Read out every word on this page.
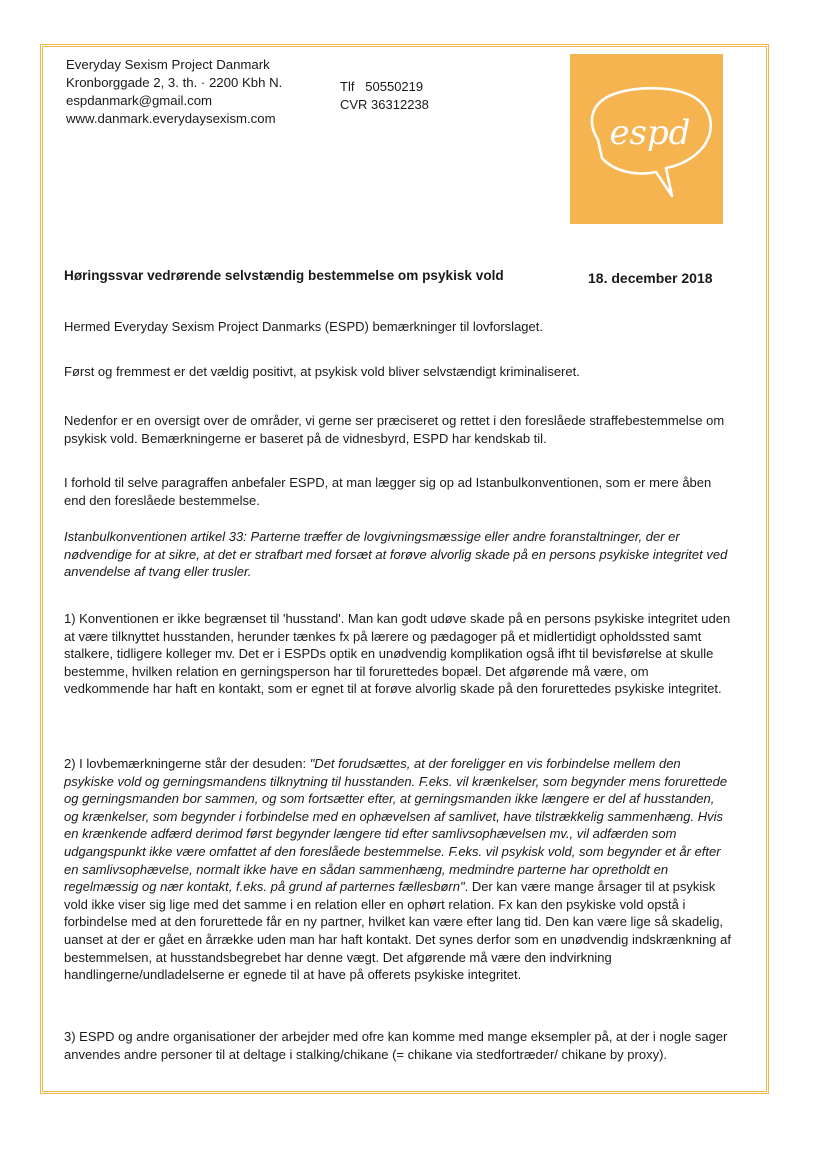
Everyday Sexism Project Danmark
Kronborggade 2, 3. th. · 2200 Kbh N.
espdanmark@gmail.com
www.danmark.everydaysexism.com
Tlf   50550219
CVR 36312238
espd
Høringssvar vedrørende selvstændig bestemmelse om psykisk vold	18. december 2018

Hermed Everyday Sexism Project Danmarks (ESPD) bemærkninger til lovforslaget.

Først og fremmest er det vældig positivt, at psykisk vold bliver selvstændigt kriminaliseret.

Nedenfor er en oversigt over de områder, vi gerne ser præciseret og rettet i den foreslåede straffebestemmelse om psykisk vold. Bemærkningerne er baseret på de vidnesbyrd, ESPD har kendskab til.

I forhold til selve paragraffen anbefaler ESPD, at man lægger sig op ad Istanbulkonventionen, som er mere åben end den foreslåede bestemmelse.

Istanbulkonventionen artikel 33: Parterne træffer de lovgivningsmæssige eller andre foranstaltninger, der er nødvendige for at sikre, at det er strafbart med forsæt at forøve alvorlig skade på en persons psykiske integritet ved anvendelse af tvang eller trusler.

1) Konventionen er ikke begrænset til 'husstand'. Man kan godt udøve skade på en persons psykiske integritet uden at være tilknyttet husstanden, herunder tænkes fx på lærere og pædagoger på et midlertidigt opholdssted samt stalkere, tidligere kolleger mv. Det er i ESPDs optik en unødvendig komplikation også ifht til bevisførelse at skulle bestemme, hvilken relation en gerningsperson har til forurettedes bopæl. Det afgørende må være, om vedkommende har haft en kontakt, som er egnet til at forøve alvorlig skade på den forurettedes psykiske integritet.

2) I lovbemærkningerne står der desuden: "Det forudsættes, at der foreligger en vis forbindelse mellem den psykiske vold og gerningsmandens tilknytning til husstanden. F.eks. vil krænkelser, som begynder mens forurettede og gerningsmanden bor sammen, og som fortsætter efter, at gerningsmanden ikke længere er del af husstanden, og krænkelser, som begynder i forbindelse med en ophævelsen af samlivet, have tilstrækkelig sammenhæng. Hvis en krænkende adfærd derimod først begynder længere tid efter samlivsophævelsen mv., vil adfærden som udgangspunkt ikke være omfattet af den foreslåede bestemmelse. F.eks. vil psykisk vold, som begynder et år efter en samlivsophævelse, normalt ikke have en sådan sammenhæng, medmindre parterne har opretholdt en regelmæssig og nær kontakt, f.eks. på grund af parternes fællesbørn". Der kan være mange årsager til at psykisk vold ikke viser sig lige med det samme i en relation eller en ophørt relation. Fx kan den psykiske vold opstå i forbindelse med at den forurettede får en ny partner, hvilket kan være efter lang tid. Den kan være lige så skadelig, uanset at der er gået en årrække uden man har haft kontakt. Det synes derfor som en unødvendig indskrænkning af bestemmelsen, at husstandsbegrebet har denne vægt. Det afgørende må være den indvirkning handlingerne/undladelserne er egnede til at have på offerets psykiske integritet.

3) ESPD og andre organisationer der arbejder med ofre kan komme med mange eksempler på, at der i nogle sager anvendes andre personer til at deltage i stalking/chikane (= chikane via stedfortræder/ chikane by proxy).
